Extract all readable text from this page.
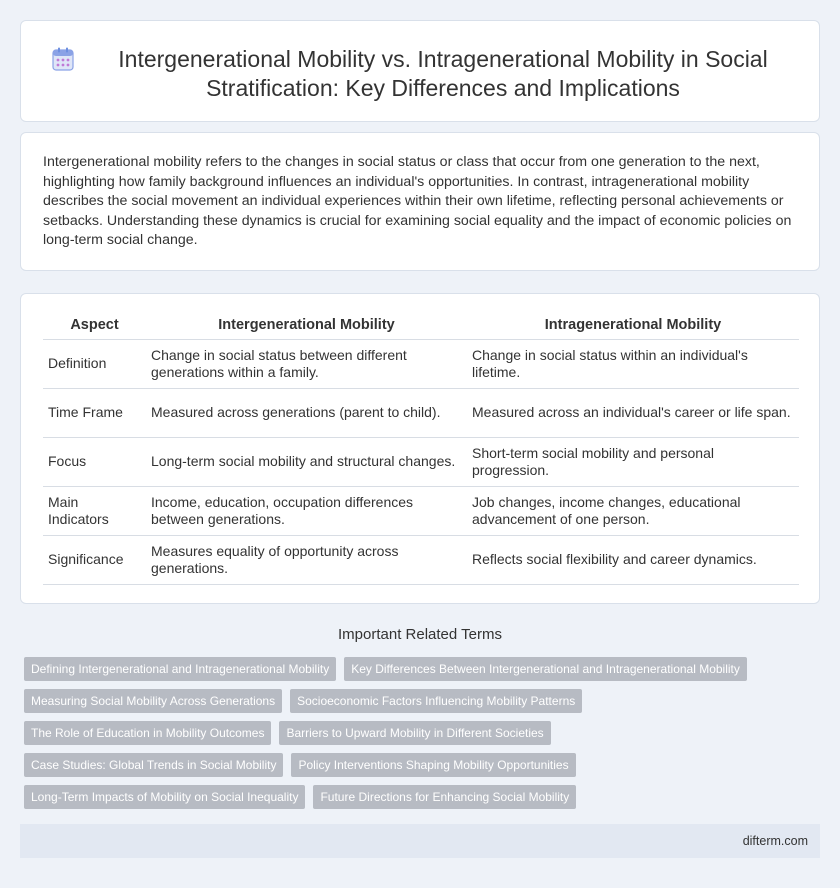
Intergenerational Mobility vs. Intragenerational Mobility in Social Stratification: Key Differences and Implications

Intergenerational mobility refers to the changes in social status or class that occur from one generation to the next, highlighting how family background influences an individual's opportunities. In contrast, intragenerational mobility describes the social movement an individual experiences within their own lifetime, reflecting personal achievements or setbacks. Understanding these dynamics is crucial for examining social equality and the impact of economic policies on long-term social change.

Aspect	Intergenerational Mobility	Intragenerational Mobility
Definition	Change in social status between different generations within a family.	Change in social status within an individual's lifetime.
Time Frame	Measured across generations (parent to child).	Measured across an individual's career or life span.
Focus	Long-term social mobility and structural changes.	Short-term social mobility and personal progression.
Main Indicators	Income, education, occupation differences between generations.	Job changes, income changes, educational advancement of one person.
Significance	Measures equality of opportunity across generations.	Reflects social flexibility and career dynamics.
Important Related Terms
Defining Intergenerational and Intragenerational Mobility	Key Differences Between Intergenerational and Intragenerational Mobility
Measuring Social Mobility Across Generations	Socioeconomic Factors Influencing Mobility Patterns
The Role of Education in Mobility Outcomes	Barriers to Upward Mobility in Different Societies
Case Studies: Global Trends in Social Mobility	Policy Interventions Shaping Mobility Opportunities
Long-Term Impacts of Mobility on Social Inequality	Future Directions for Enhancing Social Mobility
difterm.com
